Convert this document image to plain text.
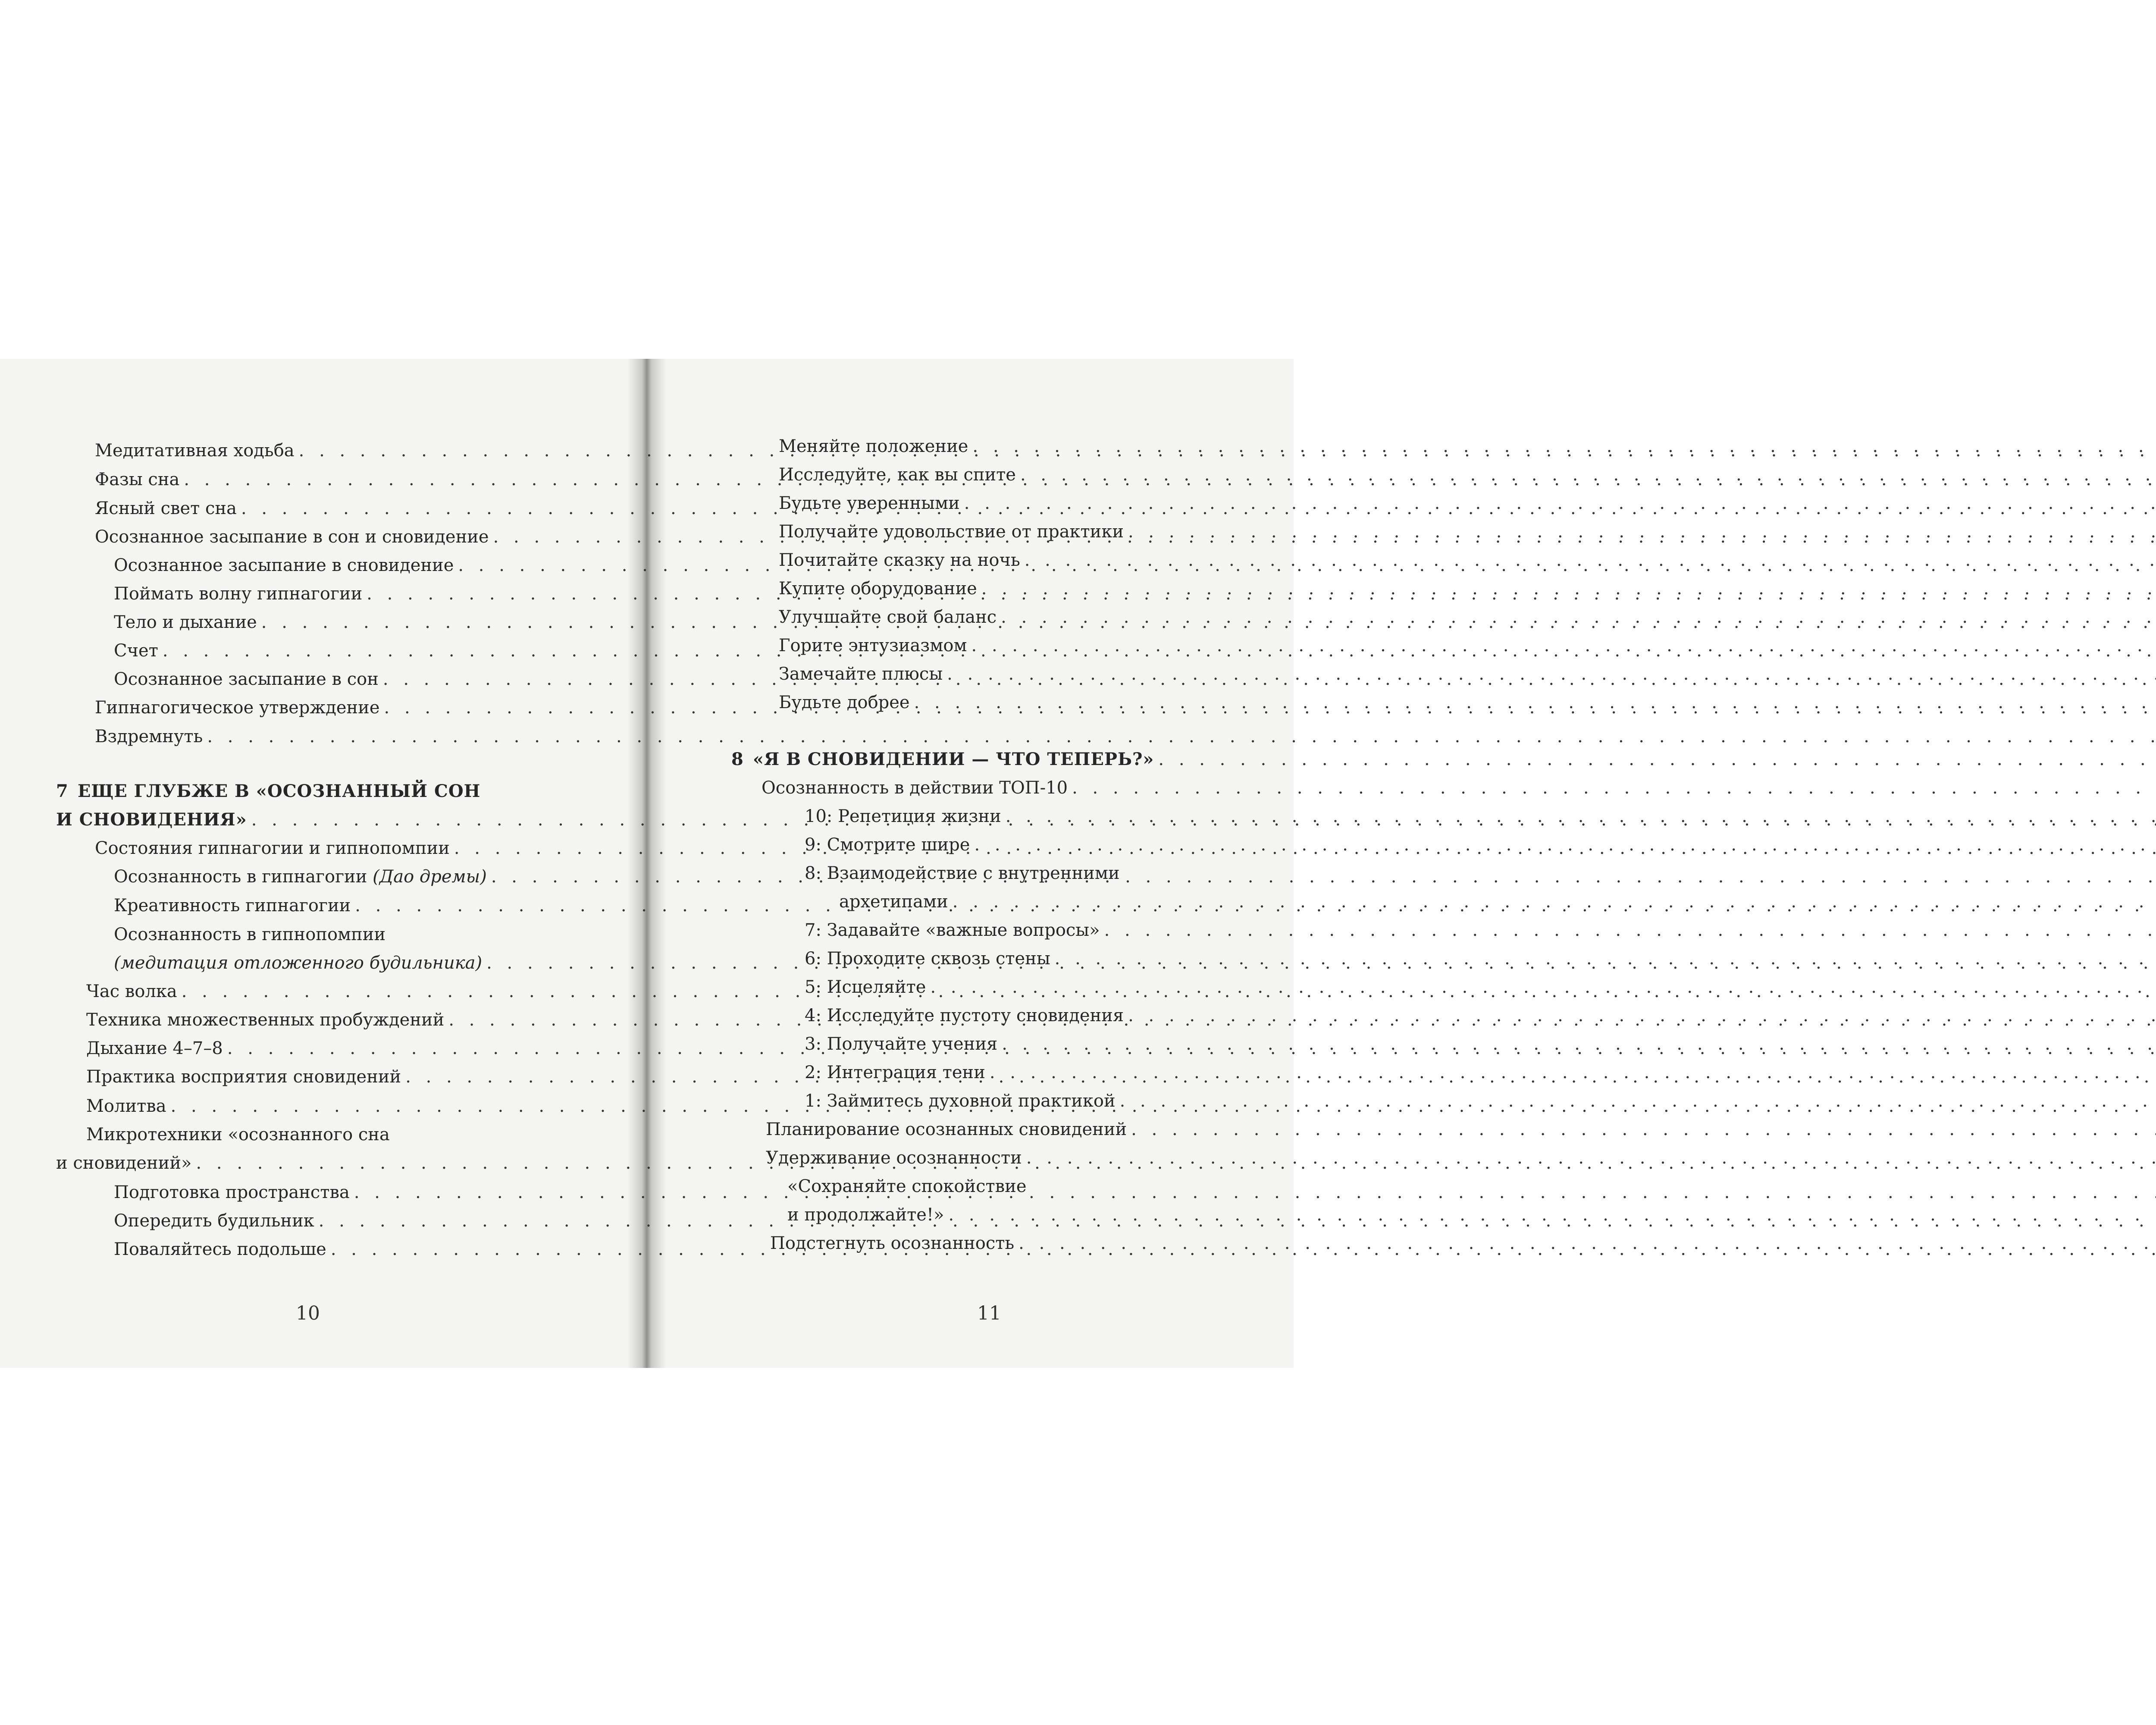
Медитативная ходьба
. . .
Фазы сна
. . .
Ясный свет сна
. . .
Осознанное засыпание в сон и сновидение
. . .
Осознанное засыпание в сновидение
. . .
Поймать волну гипнагогии
. . .
Тело и дыхание
. . .
Счет
. . .
Осознанное засыпание в сон
. . .
Гипнагогическое утверждение
. . .
Вздремнуть
. . .
7 ЕЩЕ ГЛУБЖЕ В «ОСОЗНАННЫЙ СОН
И СНОВИДЕНИЯ»
. . .
Состояния гипнагогии и гипнопомпии
. . .
Осознанность в гипнагогии (Дао дремы)
. . .
Креативность гипнагогии
. . .
Осознанность в гипнопомпии
(медитация отложенного будильника)
. . .
Час волка
. . .
Техника множественных пробуждений
. . .
Дыхание 4–7–8
. . .
Практика восприятия сновидений
. . .
Молитва
. . .
Микротехники «осознанного сна
и сновидений»
. . .
Подготовка пространства
. . .
Опередить будильник
. . .
Поваляйтесь подольше
. . .
Меняйте положение
. . .
Исследуйте, как вы спите
. . .
Будьте уверенными
. . .
Получайте удовольствие от практики
. . .
Почитайте сказку на ночь
. . .
Купите оборудование
. . .
Улучшайте свой баланс
. . .
Горите энтузиазмом
. . .
Замечайте плюсы
. . .
Будьте добрее
. . .
8 «Я В СНОВИДЕНИИ — ЧТО ТЕПЕРЬ?»
. . .
Осознанность в действии ТОП-10
. . .
10: Репетиция жизни
. . .
9: Смотрите шире
. . .
8: Взаимодействие с внутренними
архетипами
. . .
7: Задавайте «важные вопросы»
. . .
6: Проходите сквозь стены
. . .
5: Исцеляйте
. . .
4: Исследуйте пустоту сновидения
. . .
3: Получайте учения
. . .
2: Интеграция тени
. . .
1: Займитесь духовной практикой
. . .
Планирование осознанных сновидений
. . .
Удерживание осознанности
. . .
«Сохраняйте спокойствие
и продолжайте!»
. . .
Подстегнуть осознанность
. . .
10	11
